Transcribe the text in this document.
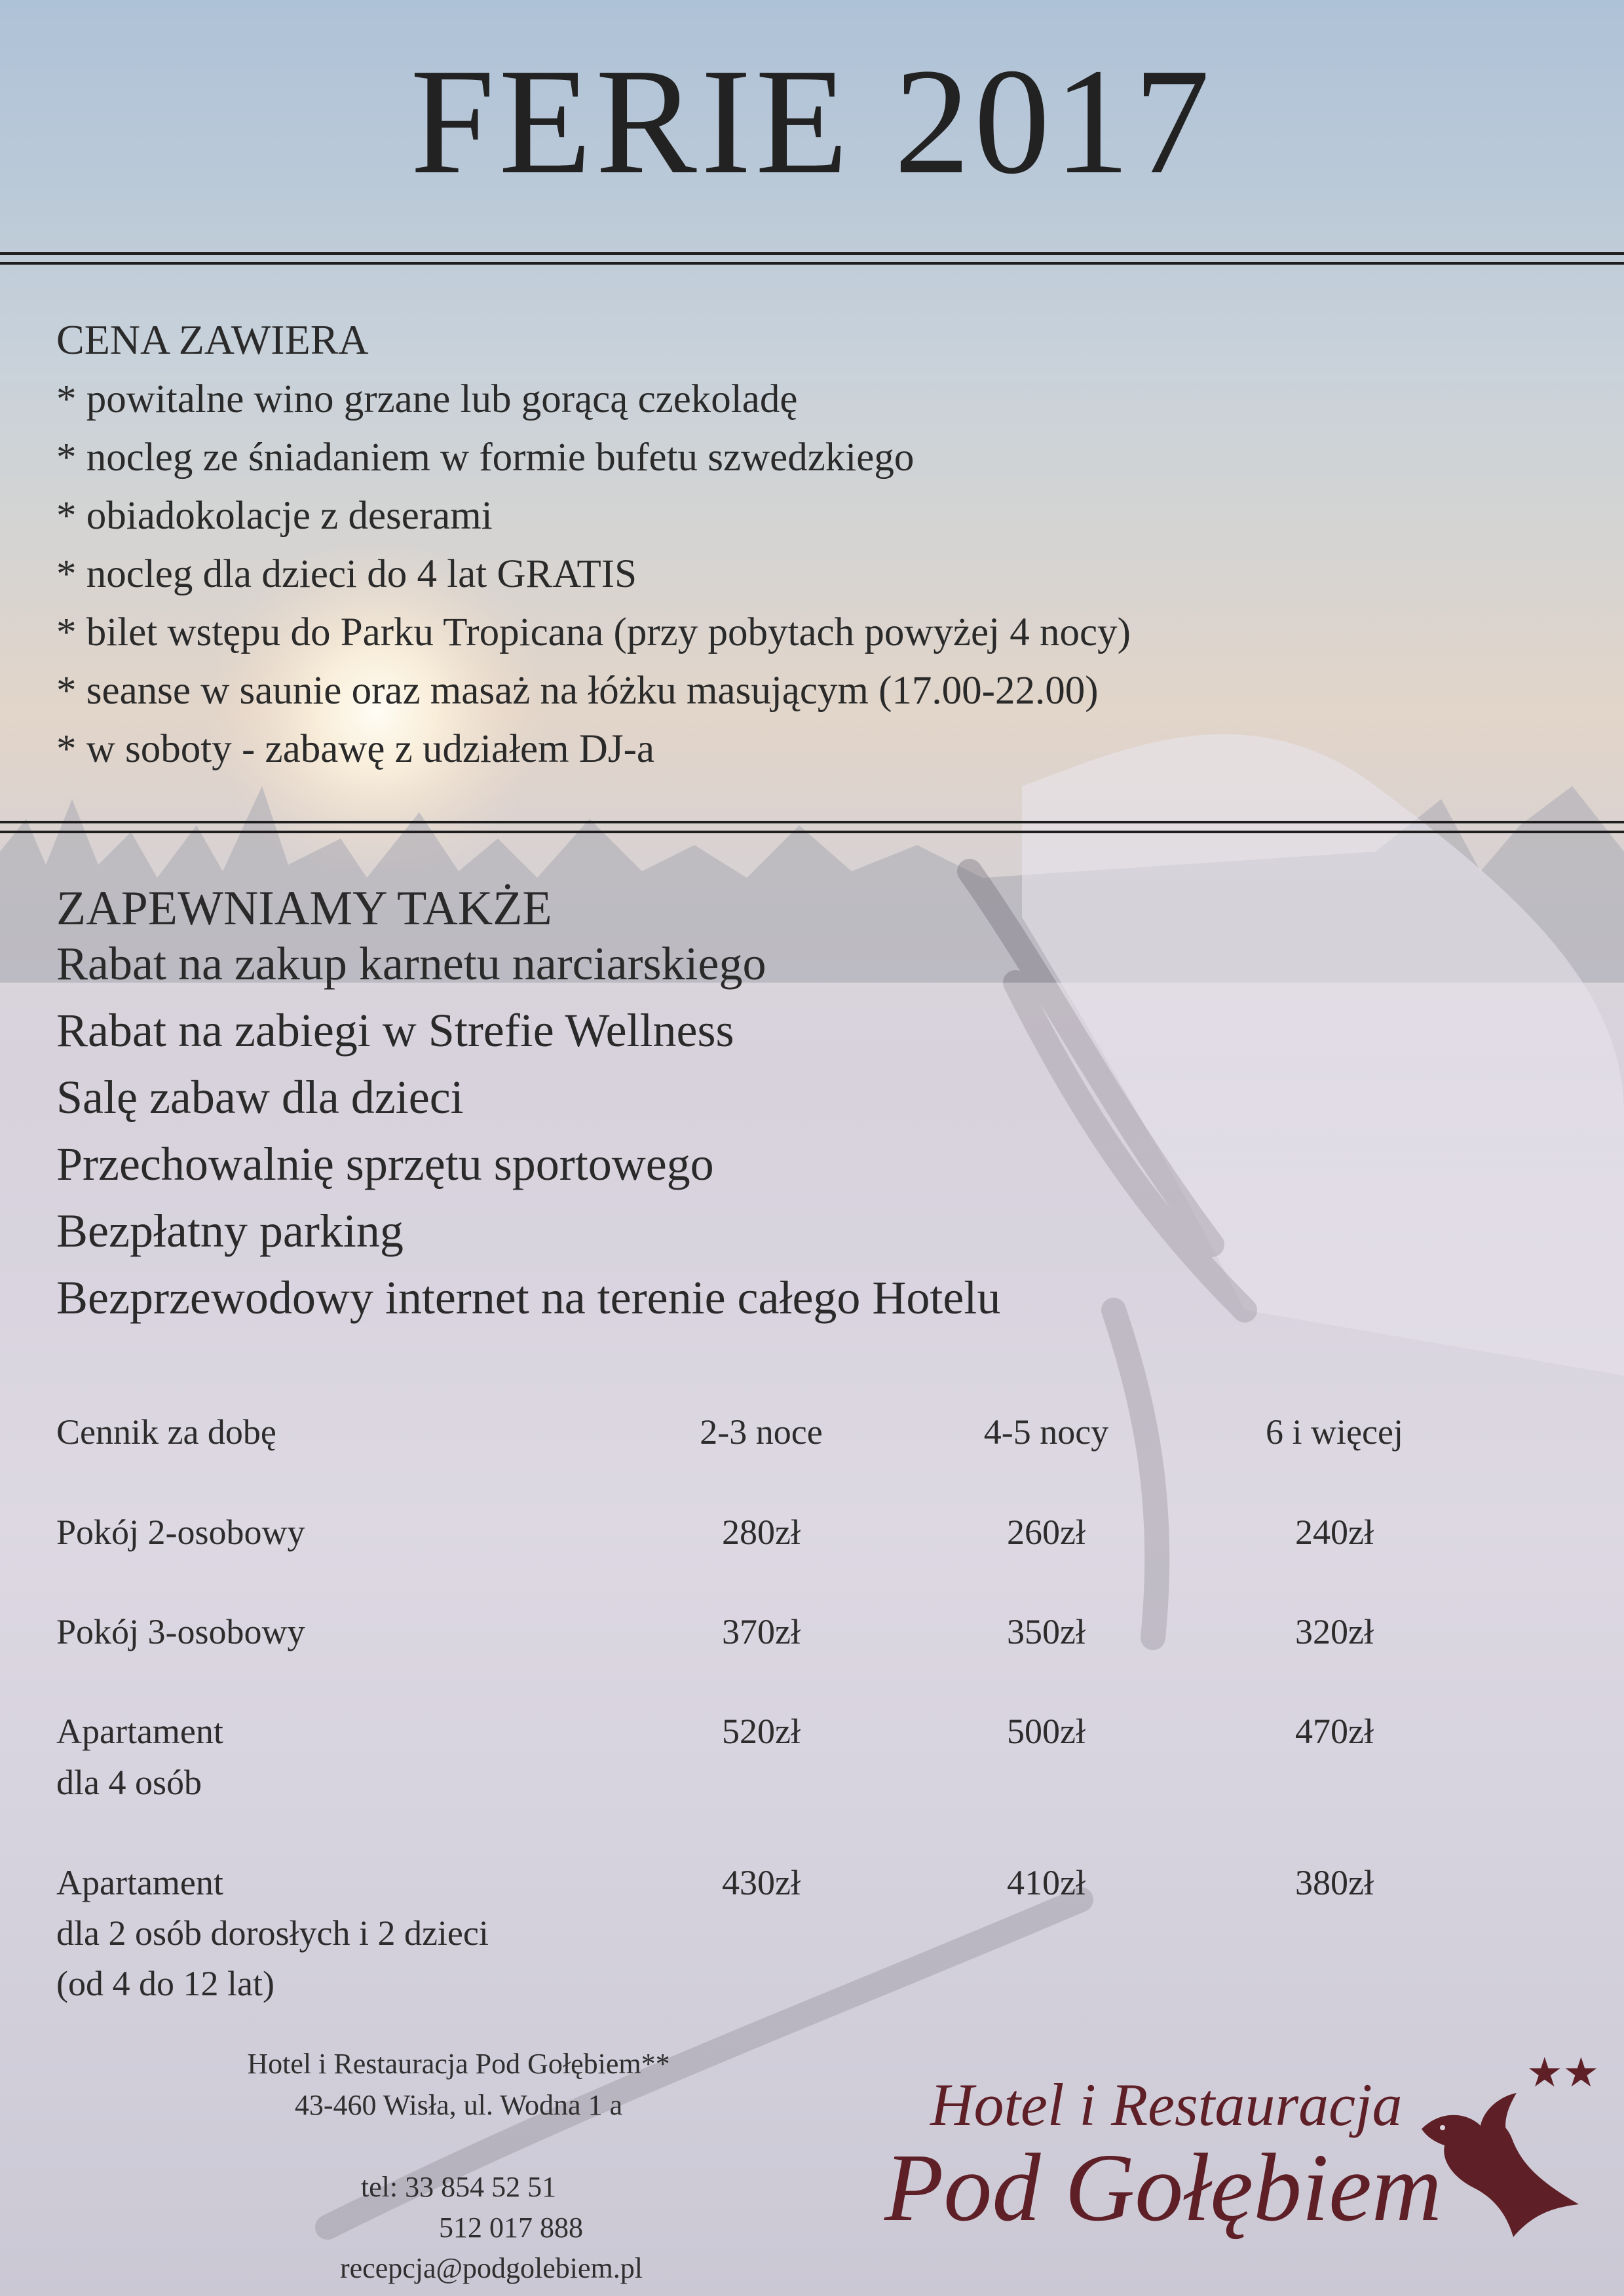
FERIE 2017
CENA ZAWIERA
* powitalne wino grzane lub gorącą czekoladę
* nocleg ze śniadaniem w formie bufetu szwedzkiego
* obiadokolacje z deserami
* nocleg dla dzieci do 4 lat GRATIS
* bilet wstępu do Parku Tropicana (przy pobytach powyżej 4 nocy)
* seanse w saunie oraz masaż na łóżku masującym (17.00-22.00)
* w soboty - zabawę z udziałem DJ-a
ZAPEWNIAMY TAKŻE
Rabat na zakup karnetu narciarskiego
Rabat na zabiegi w Strefie Wellness
Salę zabaw dla dzieci
Przechowalnię sprzętu sportowego
Bezpłatny parking
Bezprzewodowy internet na terenie całego Hotelu
Cennik za dobę	2-3 noce	4-5 nocy	6 i więcej
Pokój 2-osobowy	280zł	260zł	240zł
Pokój 3-osobowy	370zł	350zł	320zł
Apartament
dla 4 osób
520zł	500zł	470zł
Apartament
dla 2 osób dorosłych i 2 dzieci
(od 4 do 12 lat)
430zł	410zł	380zł
Hotel i Restauracja Pod Gołębiem**
43-460 Wisła, ul. Wodna 1 a
tel: 33 854 52 51
512 017 888
recepcja@podgolebiem.pl
Hotel i Restauracja
Pod Gołębiem
★★
